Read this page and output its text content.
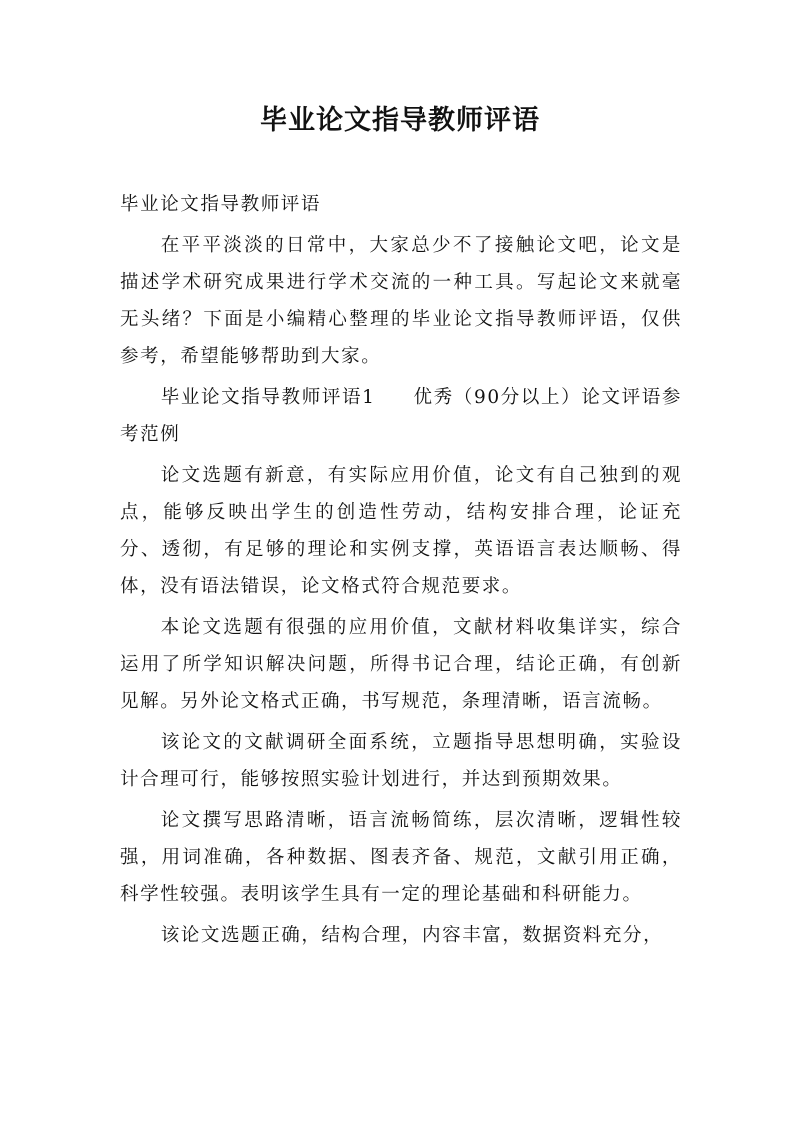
毕业论文指导教师评语

毕业论文指导教师评语

在平平淡淡的日常中，大家总少不了接触论文吧，论文是描述学术研究成果进行学术交流的一种工具。写起论文来就毫无头绪？下面是小编精心整理的毕业论文指导教师评语，仅供参考，希望能够帮助到大家。

毕业论文指导教师评语1 优秀（90分以上）论文评语参考范例

论文选题有新意，有实际应用价值，论文有自己独到的观点，能够反映出学生的创造性劳动，结构安排合理，论证充分、透彻，有足够的理论和实例支撑，英语语言表达顺畅、得体，没有语法错误，论文格式符合规范要求。

本论文选题有很强的应用价值，文献材料收集详实，综合运用了所学知识解决问题，所得书记合理，结论正确，有创新见解。另外论文格式正确，书写规范，条理清晰，语言流畅。

该论文的文献调研全面系统，立题指导思想明确，实验设计合理可行，能够按照实验计划进行，并达到预期效果。

论文撰写思路清晰，语言流畅简练，层次清晰，逻辑性较强，用词准确，各种数据、图表齐备、规范，文献引用正确，科学性较强。表明该学生具有一定的理论基础和科研能力。

该论文选题正确，结构合理，内容丰富，数据资料充分，
